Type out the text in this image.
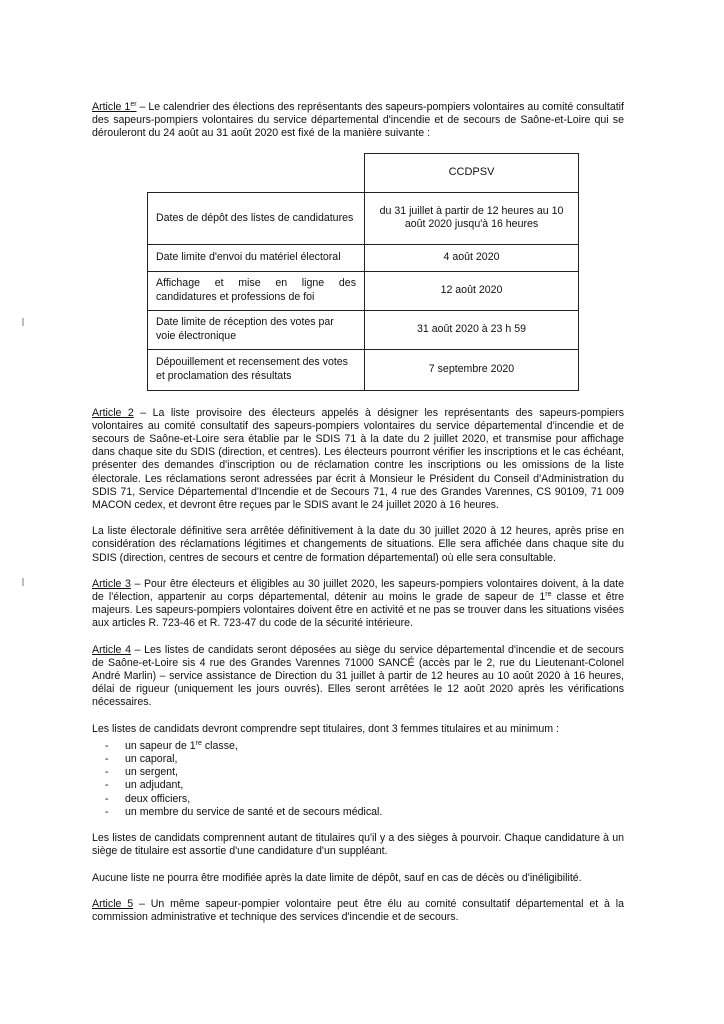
Article 1er – Le calendrier des élections des représentants des sapeurs-pompiers volontaires au comité consultatif des sapeurs-pompiers volontaires du service départemental d'incendie et de secours de Saône-et-Loire qui se dérouleront du 24 août au 31 août 2020 est fixé de la manière suivante :

	CCDPSV
Dates de dépôt des listes de candidatures	du 31 juillet à partir de 12 heures au 10 août 2020 jusqu'à 16 heures
Date limite d'envoi du matériel électoral	4 août 2020
Affichage et mise en ligne des candidatures et professions de foi	12 août 2020
Date limite de réception des votes par voie électronique	31 août 2020 à 23 h 59
Dépouillement et recensement des votes et proclamation des résultats	7 septembre 2020

Article 2 – La liste provisoire des électeurs appelés à désigner les représentants des sapeurs-pompiers volontaires au comité consultatif des sapeurs-pompiers volontaires du service départemental d'incendie et de secours de Saône-et-Loire sera établie par le SDIS 71 à la date du 2 juillet 2020, et transmise pour affichage dans chaque site du SDIS (direction, et centres). Les électeurs pourront vérifier les inscriptions et le cas échéant, présenter des demandes d'inscription ou de réclamation contre les inscriptions ou les omissions de la liste électorale. Les réclamations seront adressées par écrit à Monsieur le Président du Conseil d'Administration du SDIS 71, Service Départemental d'Incendie et de Secours 71, 4 rue des Grandes Varennes, CS 90109, 71 009 MACON cedex, et devront être reçues par le SDIS avant le 24 juillet 2020 à 16 heures.

La liste électorale définitive sera arrêtée définitivement à la date du 30 juillet 2020 à 12 heures, après prise en considération des réclamations légitimes et changements de situations. Elle sera affichée dans chaque site du SDIS (direction, centres de secours et centre de formation départemental) où elle sera consultable.

Article 3 – Pour être électeurs et éligibles au 30 juillet 2020, les sapeurs-pompiers volontaires doivent, à la date de l'élection, appartenir au corps départemental, détenir au moins le grade de sapeur de 1re classe et être majeurs. Les sapeurs-pompiers volontaires doivent être en activité et ne pas se trouver dans les situations visées aux articles R. 723-46 et R. 723-47 du code de la sécurité intérieure.

Article 4 – Les listes de candidats seront déposées au siège du service départemental d'incendie et de secours de Saône-et-Loire sis 4 rue des Grandes Varennes 71000 SANCÉ (accès par le 2, rue du Lieutenant-Colonel André Marlin) – service assistance de Direction du 31 juillet à partir de 12 heures au 10 août 2020 à 16 heures, délai de rigueur (uniquement les jours ouvrés). Elles seront arrêtées le 12 août 2020 après les vérifications nécessaires.

Les listes de candidats devront comprendre sept titulaires, dont 3 femmes titulaires et au minimum :

- un sapeur de 1re classe,
- un caporal,
- un sergent,
- un adjudant,
- deux officiers,
- un membre du service de santé et de secours médical.

Les listes de candidats comprennent autant de titulaires qu'il y a des sièges à pourvoir. Chaque candidature à un siège de titulaire est assortie d'une candidature d'un suppléant.

Aucune liste ne pourra être modifiée après la date limite de dépôt, sauf en cas de décès ou d'inéligibilité.

Article 5 – Un même sapeur-pompier volontaire peut être élu au comité consultatif départemental et à la commission administrative et technique des services d'incendie et de secours.
